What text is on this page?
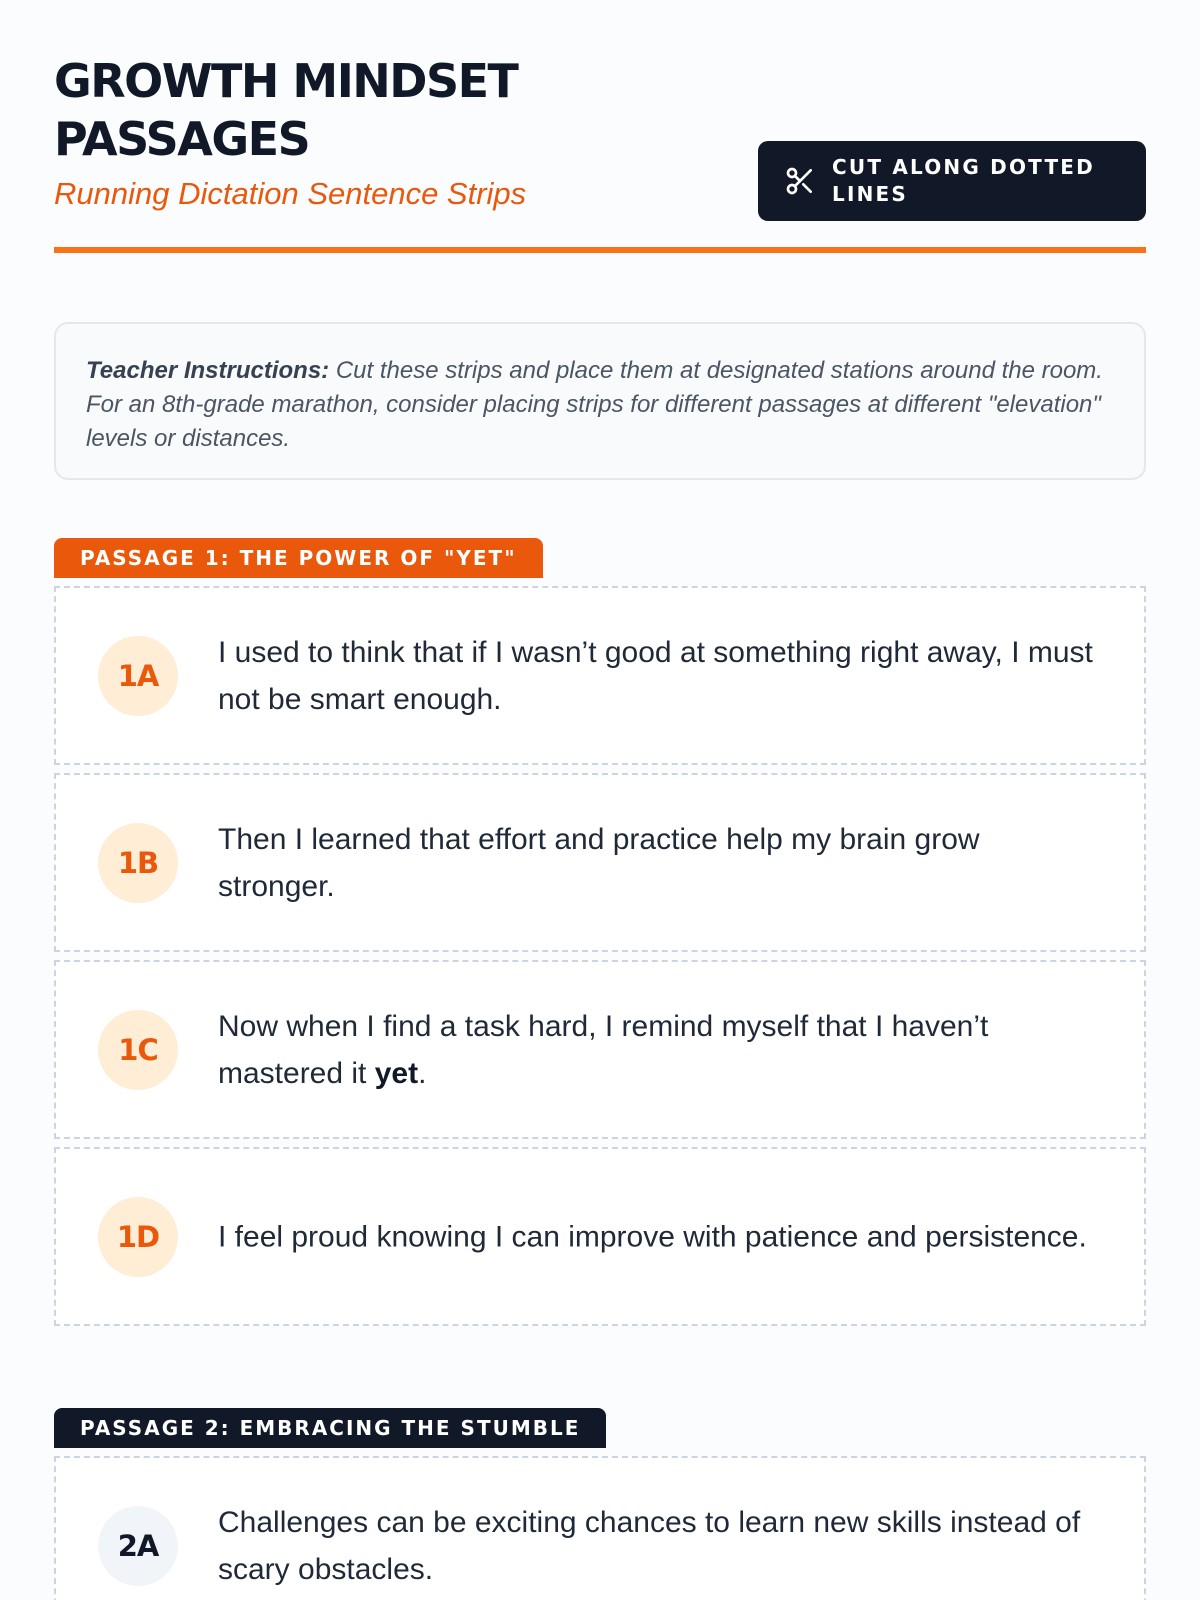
GROWTH MINDSET PASSAGES
Running Dictation Sentence Strips
CUT ALONG DOTTED LINES
Teacher Instructions: Cut these strips and place them at designated stations around the room. For an 8th-grade marathon, consider placing strips for different passages at different "elevation" levels or distances.
PASSAGE 1: THE POWER OF "YET"
1A
I used to think that if I wasn’t good at something right away, I must not be smart enough.
1B
Then I learned that effort and practice help my brain grow stronger.
1C
Now when I find a task hard, I remind myself that I haven’t mastered it yet.
1D	I feel proud knowing I can improve with patience and persistence.
PASSAGE 2: EMBRACING THE STUMBLE
2A
Challenges can be exciting chances to learn new skills instead of scary obstacles.
